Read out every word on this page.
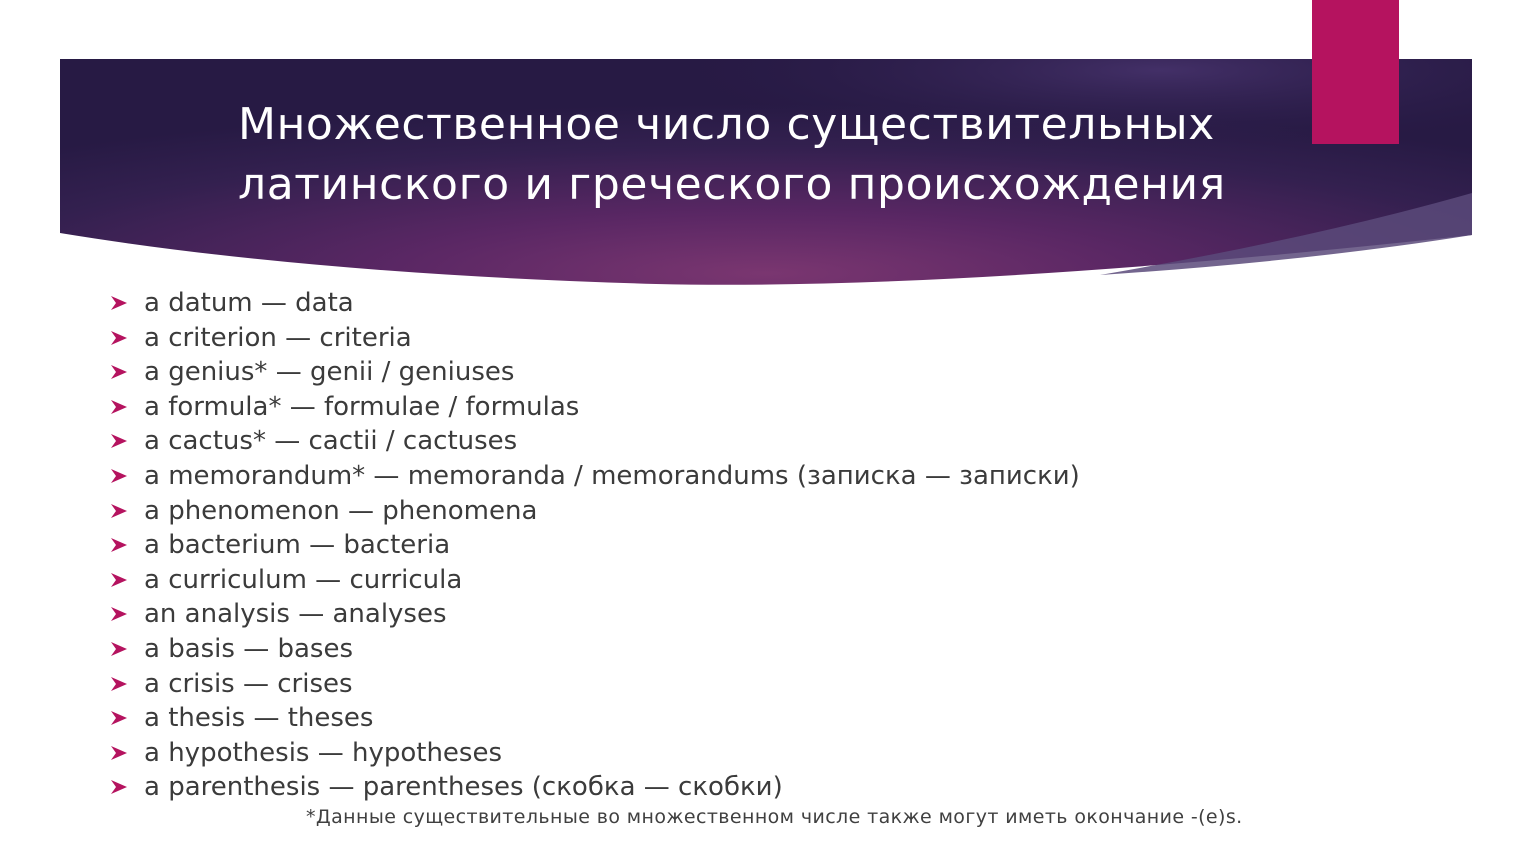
Множественное число существительных
латинского и греческого происхождения
a datum — data
a criterion — criteria
a genius* — genii / geniuses
a formula* — formulae / formulas
a cactus* — cactii / cactuses
a memorandum* — memoranda / memorandums (записка — записки)
a phenomenon — phenomena
a bacterium — bacteria
a curriculum — curricula
an analysis — analyses
a basis — bases
a crisis — crises
a thesis — theses
a hypothesis — hypotheses
a parenthesis — parentheses (скобка — скобки)
*Данные существительные во множественном числе также могут иметь окончание -(e)s.
